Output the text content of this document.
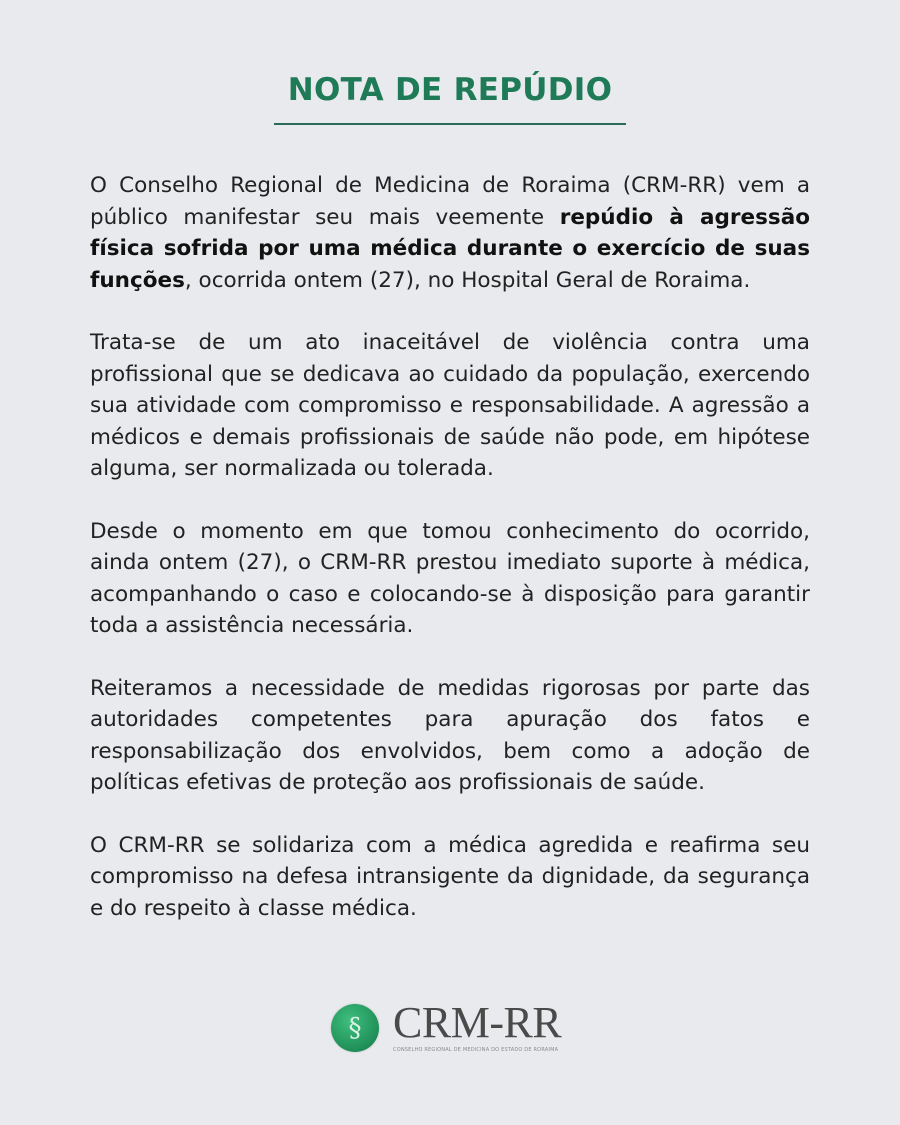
NOTA DE REPÚDIO

O Conselho Regional de Medicina de Roraima (CRM-RR) vem a público manifestar seu mais veemente repúdio à agressão física sofrida por uma médica durante o exercício de suas funções, ocorrida ontem (27), no Hospital Geral de Roraima.

Trata-se de um ato inaceitável de violência contra uma profissional que se dedicava ao cuidado da população, exercendo sua atividade com compromisso e responsabilidade. A agressão a médicos e demais profissionais de saúde não pode, em hipótese alguma, ser normalizada ou tolerada.

Desde o momento em que tomou conhecimento do ocorrido, ainda ontem (27), o CRM-RR prestou imediato suporte à médica, acompanhando o caso e colocando-se à disposição para garantir toda a assistência necessária.

Reiteramos a necessidade de medidas rigorosas por parte das autoridades competentes para apuração dos fatos e responsabilização dos envolvidos, bem como a adoção de políticas efetivas de proteção aos profissionais de saúde.

O CRM-RR se solidariza com a médica agredida e reafirma seu compromisso na defesa intransigente da dignidade, da segurança e do respeito à classe médica.

§ CRM-RR
CONSELHO REGIONAL DE MEDICINA DO ESTADO DE RORAIMA
